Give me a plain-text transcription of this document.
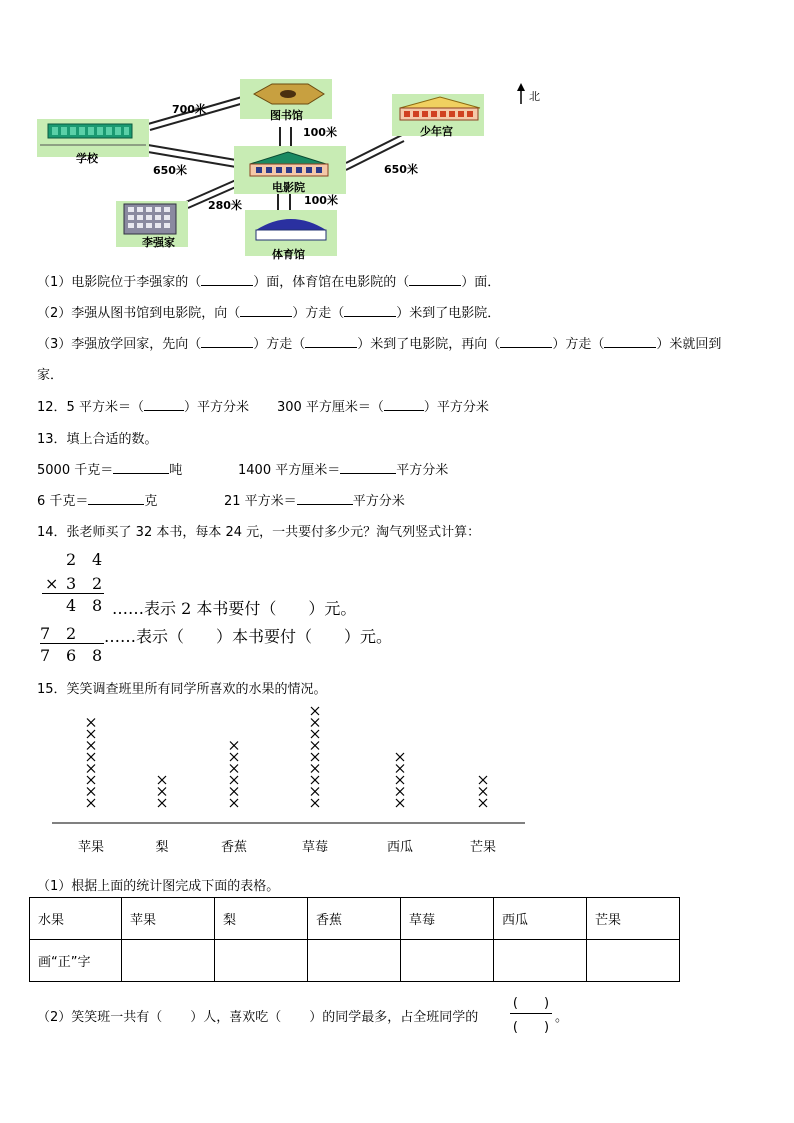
学校
图书馆
少年宫
电影院
李强家
体育馆
700米
650米
100米
650米
280米	100米
北
（1）电影院位于李强家的（	）面，体育馆在电影院的（	）面．
（2）李强从图书馆到电影院，向（	）方走（	）米到了电影院．
（3）李强放学回家，先向（	）方走（	）米到了电影院，再向（	）方走（	）米就回到
家．
12．5 平方米＝（	）平方分米 300 平方厘米＝（	）平方分米
13．填上合适的数。
5000 千克＝	吨	1400 平方厘米＝	平方分米
6 千克＝	克	21 平方米＝	平方分米
14．张老师买了 32 本书，每本 24 元，一共要付多少元？淘气列竖式计算：
2 4
× 3 2
4 8 ……表示 2 本书要付（　　）元。
7 2 ……表示（　　）本书要付（　　）元。
7 6 8
15．笑笑调查班里所有同学所喜欢的水果的情况。
苹果	梨	香蕉	草莓	西瓜	芒果
（1）根据上面的统计图完成下面的表格。
水果	苹果	梨	香蕉	草莓	西瓜	芒果
画“正”字						
（2）笑笑班一共有（ ）人，喜欢吃（ ）的同学最多，占全班同学的
(　　)
(　　)
。
